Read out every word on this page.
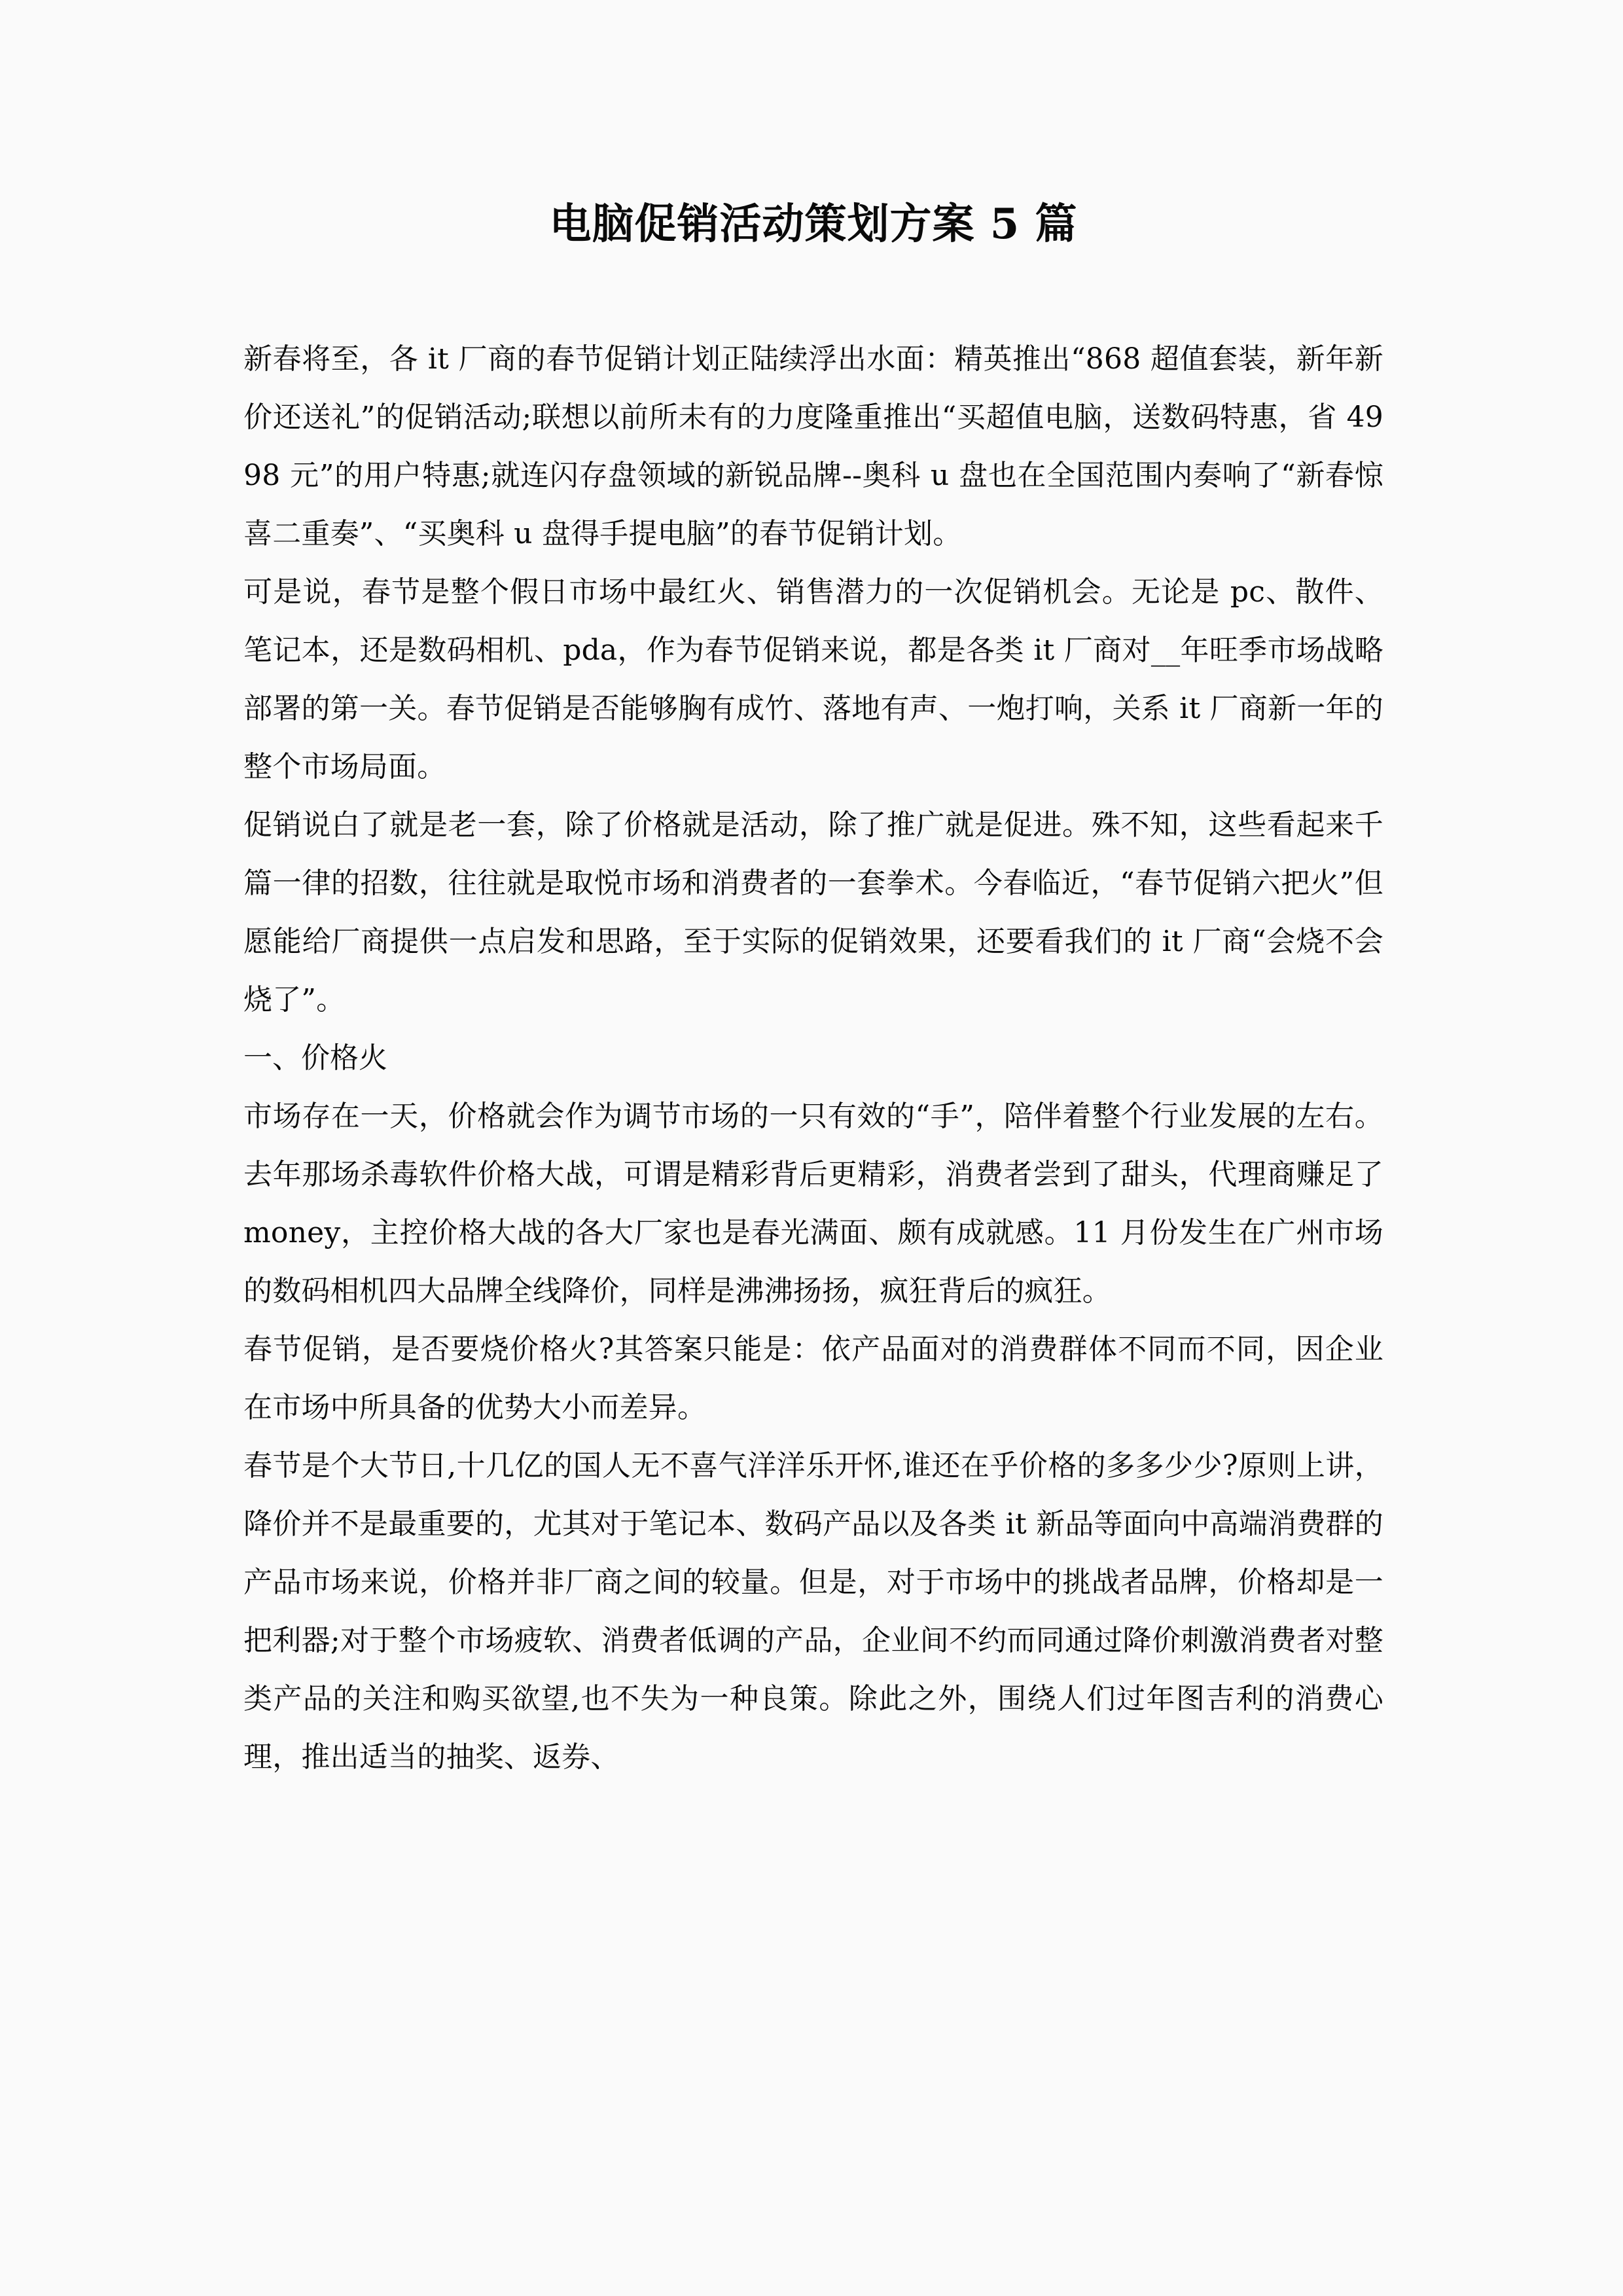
电脑促销活动策划方案 5 篇

新春将至，各 it 厂商的春节促销计划正陆续浮出水面：精英推出“868 超值套装，新年新价还送礼”的促销活动;联想以前所未有的力度隆重推出“买超值电脑，送数码特惠，省 4998 元”的用户特惠;就连闪存盘领域的新锐品牌--奥科 u 盘也在全国范围内奏响了“新春惊喜二重奏”、“买奥科 u 盘得手提电脑”的春节促销计划。

可是说，春节是整个假日市场中最红火、销售潜力的一次促销机会。无论是 pc、散件、笔记本，还是数码相机、pda，作为春节促销来说，都是各类 it 厂商对__年旺季市场战略部署的第一关。春节促销是否能够胸有成竹、落地有声、一炮打响，关系 it 厂商新一年的整个市场局面。

促销说白了就是老一套，除了价格就是活动，除了推广就是促进。殊不知，这些看起来千篇一律的招数，往往就是取悦市场和消费者的一套拳术。今春临近，“春节促销六把火”但愿能给厂商提供一点启发和思路，至于实际的促销效果，还要看我们的 it 厂商“会烧不会烧了”。

一、价格火

市场存在一天，价格就会作为调节市场的一只有效的“手”，陪伴着整个行业发展的左右。去年那场杀毒软件价格大战，可谓是精彩背后更精彩，消费者尝到了甜头，代理商赚足了 money，主控价格大战的各大厂家也是春光满面、颇有成就感。11 月份发生在广州市场的数码相机四大品牌全线降价，同样是沸沸扬扬，疯狂背后的疯狂。

春节促销，是否要烧价格火?其答案只能是：依产品面对的消费群体不同而不同，因企业在市场中所具备的优势大小而差异。

春节是个大节日,十几亿的国人无不喜气洋洋乐开怀,谁还在乎价格的多多少少?原则上讲，降价并不是最重要的，尤其对于笔记本、数码产品以及各类 it 新品等面向中高端消费群的产品市场来说，价格并非厂商之间的较量。但是，对于市场中的挑战者品牌，价格却是一把利器;对于整个市场疲软、消费者低调的产品，企业间不约而同通过降价刺激消费者对整类产品的关注和购买欲望,也不失为一种良策。除此之外，围绕人们过年图吉利的消费心理，推出适当的抽奖、返券、
